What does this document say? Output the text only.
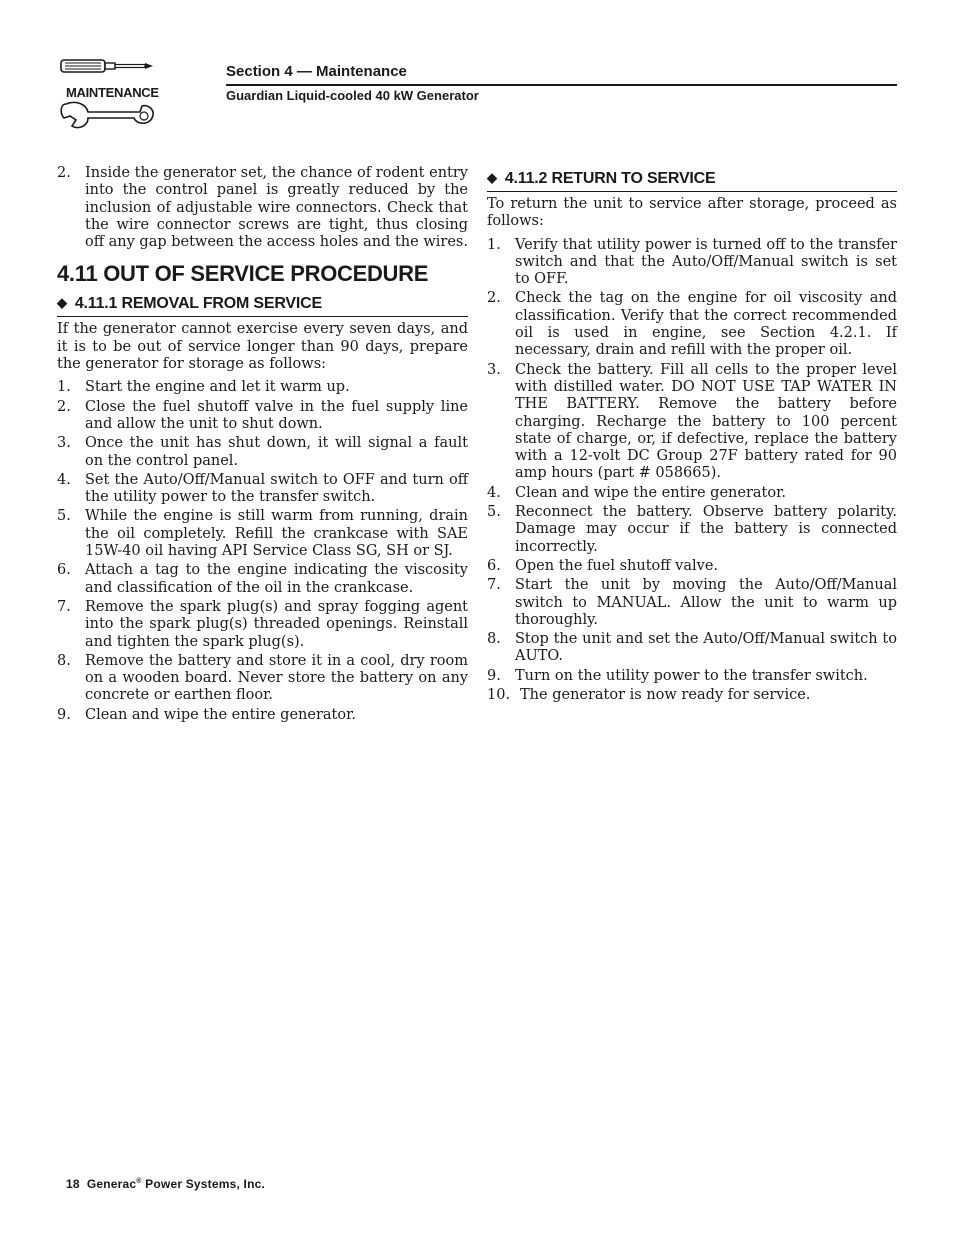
MAINTENANCE
Section 4 — Maintenance
Guardian Liquid-cooled 40 kW Generator
2. Inside the generator set, the chance of rodent entry into the control panel is greatly reduced by the inclusion of adjustable wire connectors. Check that the wire connector screws are tight, thus closing off any gap between the access holes and the wires.
4.11 OUT OF SERVICE PROCEDURE
◆ 4.11.1 REMOVAL FROM SERVICE

If the generator cannot exercise every seven days, and it is to be out of service longer than 90 days, prepare the generator for storage as follows:

1. Start the engine and let it warm up.
2. Close the fuel shutoff valve in the fuel supply line and allow the unit to shut down.
3. Once the unit has shut down, it will signal a fault on the control panel.
4. Set the Auto/Off/Manual switch to OFF and turn off the utility power to the transfer switch.
5. While the engine is still warm from running, drain the oil completely. Refill the crankcase with SAE 15W-40 oil having API Service Class SG, SH or SJ.
6. Attach a tag to the engine indicating the viscosity and classification of the oil in the crankcase.
7. Remove the spark plug(s) and spray fogging agent into the spark plug(s) threaded openings. Reinstall and tighten the spark plug(s).
8. Remove the battery and store it in a cool, dry room on a wooden board. Never store the battery on any concrete or earthen floor.
9. Clean and wipe the entire generator.
◆ 4.11.2 RETURN TO SERVICE

To return the unit to service after storage, proceed as follows:

1. Verify that utility power is turned off to the transfer switch and that the Auto/Off/Manual switch is set to OFF.
2. Check the tag on the engine for oil viscosity and classification. Verify that the correct recommended oil is used in engine, see Section 4.2.1. If necessary, drain and refill with the proper oil.
3. Check the battery. Fill all cells to the proper level with distilled water. DO NOT USE TAP WATER IN THE BATTERY. Remove the battery before charging. Recharge the battery to 100 percent state of charge, or, if defective, replace the battery with a 12-volt DC Group 27F battery rated for 90 amp hours (part # 058665).
4. Clean and wipe the entire generator.
5. Reconnect the battery. Observe battery polarity. Damage may occur if the battery is connected incorrectly.
6. Open the fuel shutoff valve.
7. Start the unit by moving the Auto/Off/Manual switch to MANUAL. Allow the unit to warm up thoroughly.
8. Stop the unit and set the Auto/Off/Manual switch to AUTO.
9. Turn on the utility power to the transfer switch.
10. The generator is now ready for service.
18 Generac® Power Systems, Inc.
